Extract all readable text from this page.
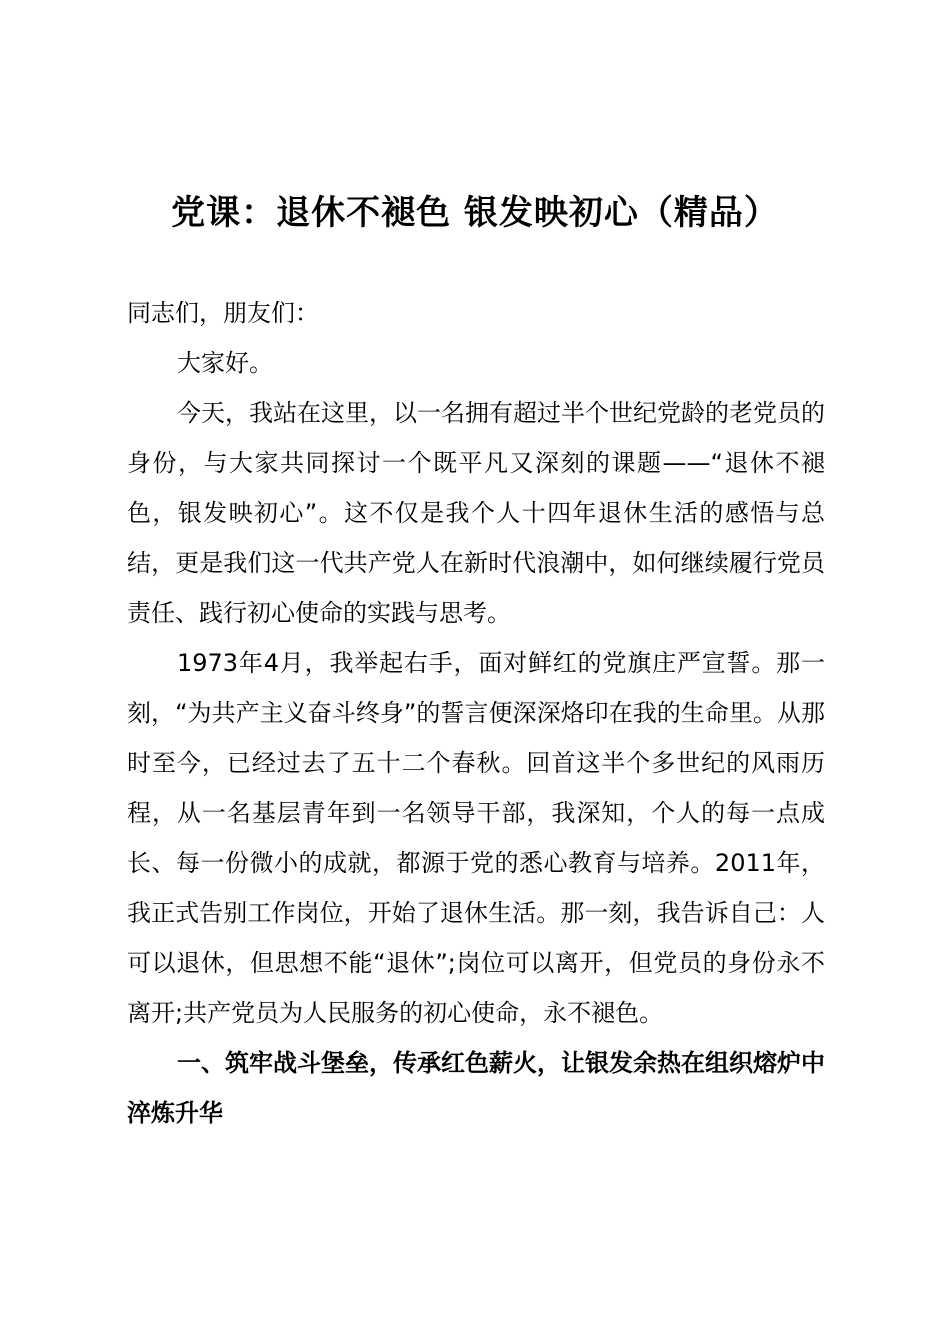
党课：退休不褪色 银发映初心（精品）

同志们，朋友们：

大家好。

今天，我站在这里，以一名拥有超过半个世纪党龄的老党员的身份，与大家共同探讨一个既平凡又深刻的课题——“退休不褪色，银发映初心”。这不仅是我个人十四年退休生活的感悟与总结，更是我们这一代共产党人在新时代浪潮中，如何继续履行党员责任、践行初心使命的实践与思考。

1973年4月，我举起右手，面对鲜红的党旗庄严宣誓。那一刻，“为共产主义奋斗终身”的誓言便深深烙印在我的生命里。从那时至今，已经过去了五十二个春秋。回首这半个多世纪的风雨历程，从一名基层青年到一名领导干部，我深知，个人的每一点成长、每一份微小的成就，都源于党的悉心教育与培养。2011年，我正式告别工作岗位，开始了退休生活。那一刻，我告诉自己：人可以退休，但思想不能“退休”;岗位可以离开，但党员的身份永不离开;共产党员为人民服务的初心使命，永不褪色。

一、筑牢战斗堡垒，传承红色薪火，让银发余热在组织熔炉中淬炼升华
